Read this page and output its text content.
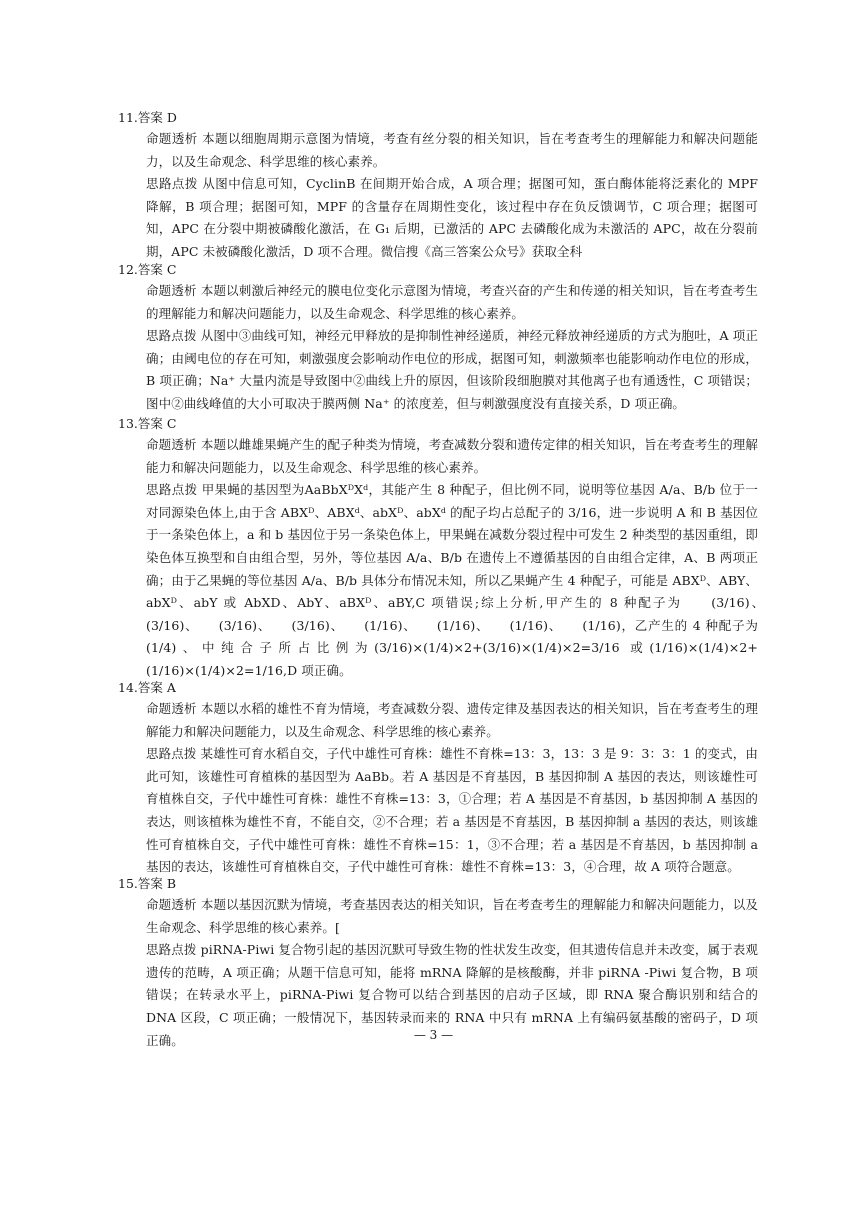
11.答案 D

命题透析 本题以细胞周期示意图为情境，考查有丝分裂的相关知识，旨在考查考生的理解能力和解决问题能力，以及生命观念、科学思维的核心素养。

思路点拨 从图中信息可知，CyclinB 在间期开始合成，A 项合理；据图可知，蛋白酶体能将泛素化的 MPF 降解，B 项合理；据图可知，MPF 的含量存在周期性变化，该过程中存在负反馈调节，C 项合理；据图可知，APC 在分裂中期被磷酸化激活，在 G₁ 后期，已激活的 APC 去磷酸化成为未激活的 APC，故在分裂前期，APC 未被磷酸化激活，D 项不合理。微信搜《高三答案公众号》获取全科

12.答案 C

命题透析 本题以刺激后神经元的膜电位变化示意图为情境，考查兴奋的产生和传递的相关知识，旨在考查考生的理解能力和解决问题能力，以及生命观念、科学思维的核心素养。

思路点拨 从图中③曲线可知，神经元甲释放的是抑制性神经递质，神经元释放神经递质的方式为胞吐，A 项正确；由阈电位的存在可知，刺激强度会影响动作电位的形成，据图可知，刺激频率也能影响动作电位的形成，B 项正确；Na⁺ 大量内流是导致图中②曲线上升的原因，但该阶段细胞膜对其他离子也有通透性，C 项错误；图中②曲线峰值的大小可取决于膜两侧 Na⁺ 的浓度差，但与刺激强度没有直接关系，D 项正确。

13.答案 C

命题透析 本题以雌雄果蝇产生的配子种类为情境，考查减数分裂和遗传定律的相关知识，旨在考查考生的理解能力和解决问题能力，以及生命观念、科学思维的核心素养。

思路点拨 甲果蝇的基因型为AaBbXᴰXᵈ，其能产生 8 种配子，但比例不同，说明等位基因 A/a、B/b 位于一对同源染色体上,由于含 ABXᴰ、ABXᵈ、abXᴰ、abXᵈ 的配子均占总配子的 3/16，进一步说明 A 和 B 基因位于一条染色体上，a 和 b 基因位于另一条染色体上，甲果蝇在减数分裂过程中可发生 2 种类型的基因重组，即染色体互换型和自由组合型，另外，等位基因 A/a、B/b 在遗传上不遵循基因的自由组合定律，A、B 两项正确；由于乙果蝇的等位基因 A/a、B/b 具体分布情况未知，所以乙果蝇产生 4 种配子，可能是 ABXᴰ、ABY、abXᴰ、abY 或 AbXD、AbY、aBXᴰ、aBY,C 项错误;综上分析,甲产生的 8 种配子为　　(3/16)、　　(3/16)、　　(3/16)、　　(3/16)、　　(1/16)、　　(1/16)、　　(1/16)、　　(1/16)，乙产生的 4 种配子为　　(1/4)、中纯合子所占比例为(3/16)×(1/4)×2+(3/16)×(1/4)×2=3/16 或(1/16)×(1/4)×2+(1/16)×(1/4)×2=1/16,D 项正确。

14.答案 A

命题透析 本题以水稻的雄性不育为情境，考查减数分裂、遗传定律及基因表达的相关知识，旨在考查考生的理解能力和解决问题能力，以及生命观念、科学思维的核心素养。

思路点拨 某雄性可育水稻自交，子代中雄性可育株：雄性不育株=13：3，13：3 是 9：3：3：1 的变式，由此可知，该雄性可育植株的基因型为 AaBb。若 A 基因是不育基因，B 基因抑制 A 基因的表达，则该雄性可育植株自交，子代中雄性可育株：雄性不育株=13：3，①合理；若 A 基因是不育基因，b 基因抑制 A 基因的表达，则该植株为雄性不育，不能自交，②不合理；若 a 基因是不育基因，B 基因抑制 a 基因的表达，则该雄性可育植株自交，子代中雄性可育株：雄性不育株=15：1，③不合理；若 a 基因是不育基因，b 基因抑制 a 基因的表达，该雄性可育植株自交，子代中雄性可育株：雄性不育株=13：3，④合理，故 A 项符合题意。

15.答案 B

命题透析 本题以基因沉默为情境，考查基因表达的相关知识，旨在考查考生的理解能力和解决问题能力，以及生命观念、科学思维的核心素养。[

思路点拨 piRNA-Piwi 复合物引起的基因沉默可导致生物的性状发生改变，但其遗传信息并未改变，属于表观遗传的范畴，A 项正确；从题干信息可知，能将 mRNA 降解的是核酸酶，并非 piRNA -Piwi 复合物，B 项错误；在转录水平上，piRNA-Piwi 复合物可以结合到基因的启动子区域，即 RNA 聚合酶识别和结合的 DNA 区段，C 项正确；一般情况下，基因转录而来的 RNA 中只有 mRNA 上有编码氨基酸的密码子，D 项正确。	— 3 —
